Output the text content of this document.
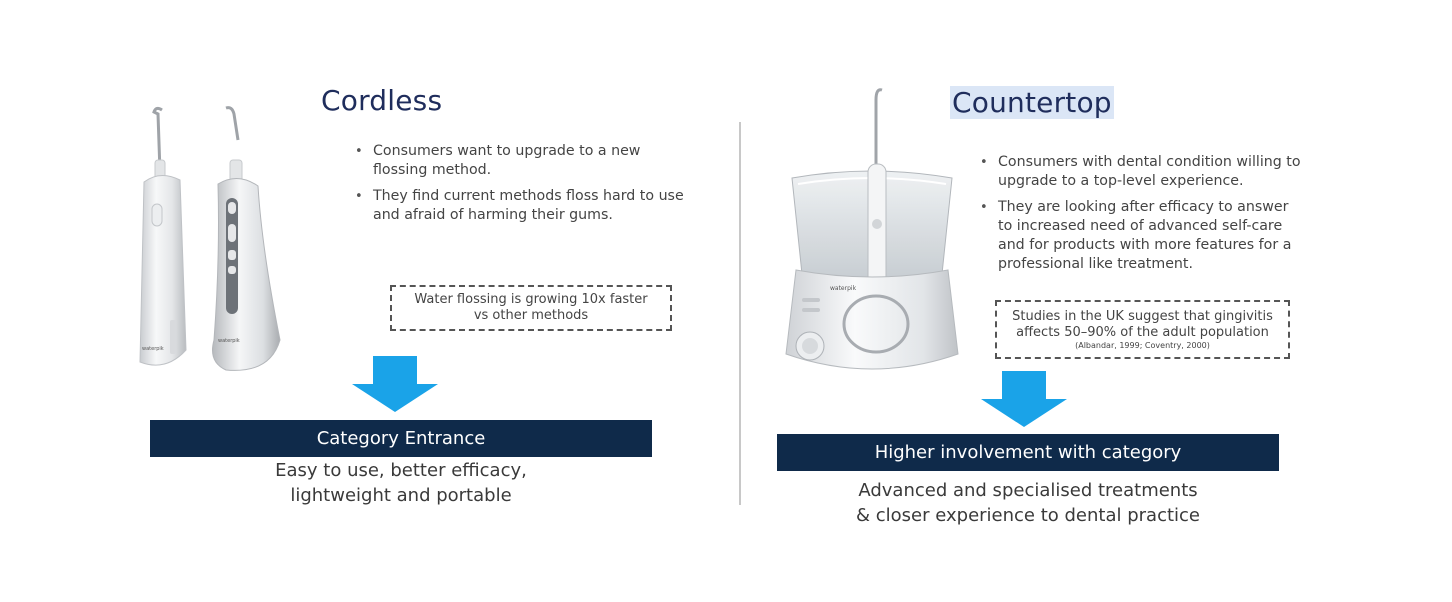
waterpik
waterpik
Cordless
• Consumers want to upgrade to a new flossing method.
• They find current methods floss hard to use and afraid of harming their gums.
Water flossing is growing 10x faster
vs other methods
Category Entrance
Easy to use, better efficacy,
lightweight and portable
waterpik
Countertop
• Consumers with dental condition willing to upgrade to a top-level experience.
• They are looking after efficacy to answer to increased need of advanced self-care and for products with more features for a professional like treatment.
Studies in the UK suggest that gingivitis
affects 50–90% of the adult population
(Albandar, 1999; Coventry, 2000)
Higher involvement with category
Advanced and specialised treatments
& closer experience to dental practice
